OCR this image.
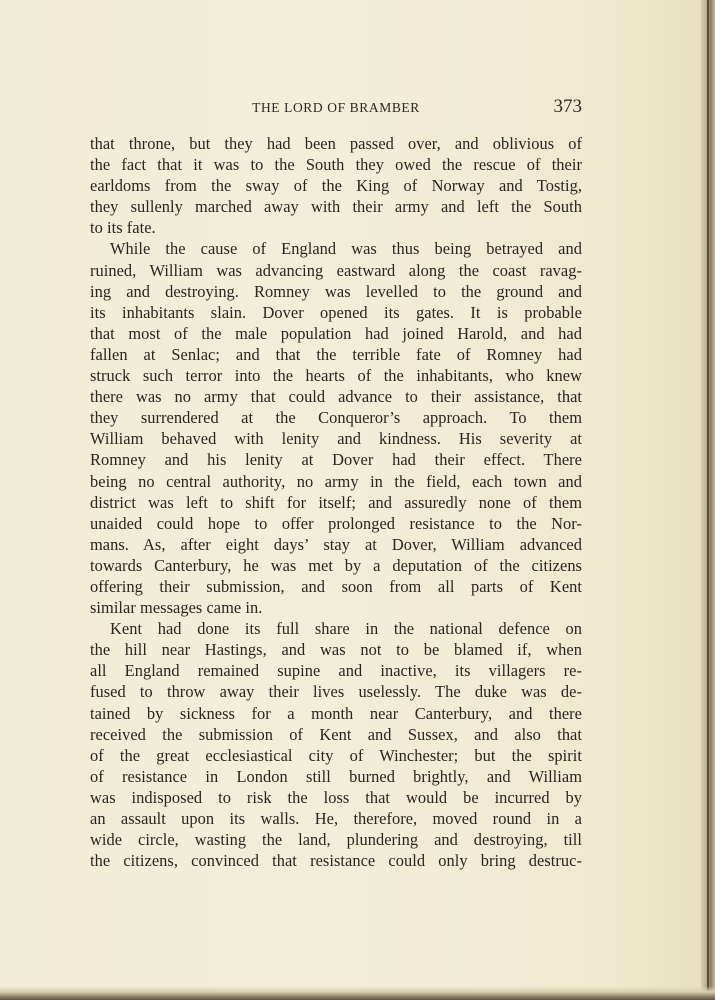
THE LORD OF BRAMBER	373
that throne, but they had been passed over, and oblivious of
the fact that it was to the South they owed the rescue of their
earldoms from the sway of the King of Norway and Tostig,
they sullenly marched away with their army and left the South
to its fate.
While the cause of England was thus being betrayed and
ruined, William was advancing eastward along the coast ravag-
ing and destroying. Romney was levelled to the ground and
its inhabitants slain. Dover opened its gates. It is probable
that most of the male population had joined Harold, and had
fallen at Senlac; and that the terrible fate of Romney had
struck such terror into the hearts of the inhabitants, who knew
there was no army that could advance to their assistance, that
they surrendered at the Conqueror’s approach. To them
William behaved with lenity and kindness. His severity at
Romney and his lenity at Dover had their effect. There
being no central authority, no army in the field, each town and
district was left to shift for itself; and assuredly none of them
unaided could hope to offer prolonged resistance to the Nor-
mans. As, after eight days’ stay at Dover, William advanced
towards Canterbury, he was met by a deputation of the citizens
offering their submission, and soon from all parts of Kent
similar messages came in.
Kent had done its full share in the national defence on
the hill near Hastings, and was not to be blamed if, when
all England remained supine and inactive, its villagers re-
fused to throw away their lives uselessly. The duke was de-
tained by sickness for a month near Canterbury, and there
received the submission of Kent and Sussex, and also that
of the great ecclesiastical city of Winchester; but the spirit
of resistance in London still burned brightly, and William
was indisposed to risk the loss that would be incurred by
an assault upon its walls. He, therefore, moved round in a
wide circle, wasting the land, plundering and destroying, till
the citizens, convinced that resistance could only bring destruc-
